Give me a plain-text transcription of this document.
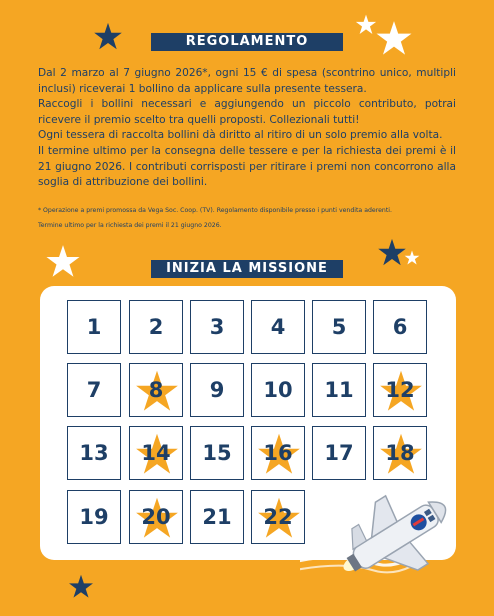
REGOLAMENTO

Dal 2 marzo al 7 giugno 2026*, ogni 15 € di spesa (scontrino unico, multipli inclusi) riceverai 1 bollino da applicare sulla presente tessera.

Raccogli i bollini necessari e aggiungendo un piccolo contributo, potrai ricevere il premio scelto tra quelli proposti. Collezionali tutti!

Ogni tessera di raccolta bollini dà diritto al ritiro di un solo premio alla volta.

Il termine ultimo per la consegna delle tessere e per la richiesta dei premi è il 21 giugno 2026. I contributi corrisposti per ritirare i premi non concorrono alla soglia di attribuzione dei bollini.

* Operazione a premi promossa da Vega Soc. Coop. (TV). Regolamento disponibile presso i punti vendita aderenti.
Termine ultimo per la richiesta dei premi il 21 giugno 2026.
INIZIA LA MISSIONE
1	2	3	4	5	6
7	8	9	10	11	12
13	14	15	16	17	18
19	20	21	22
